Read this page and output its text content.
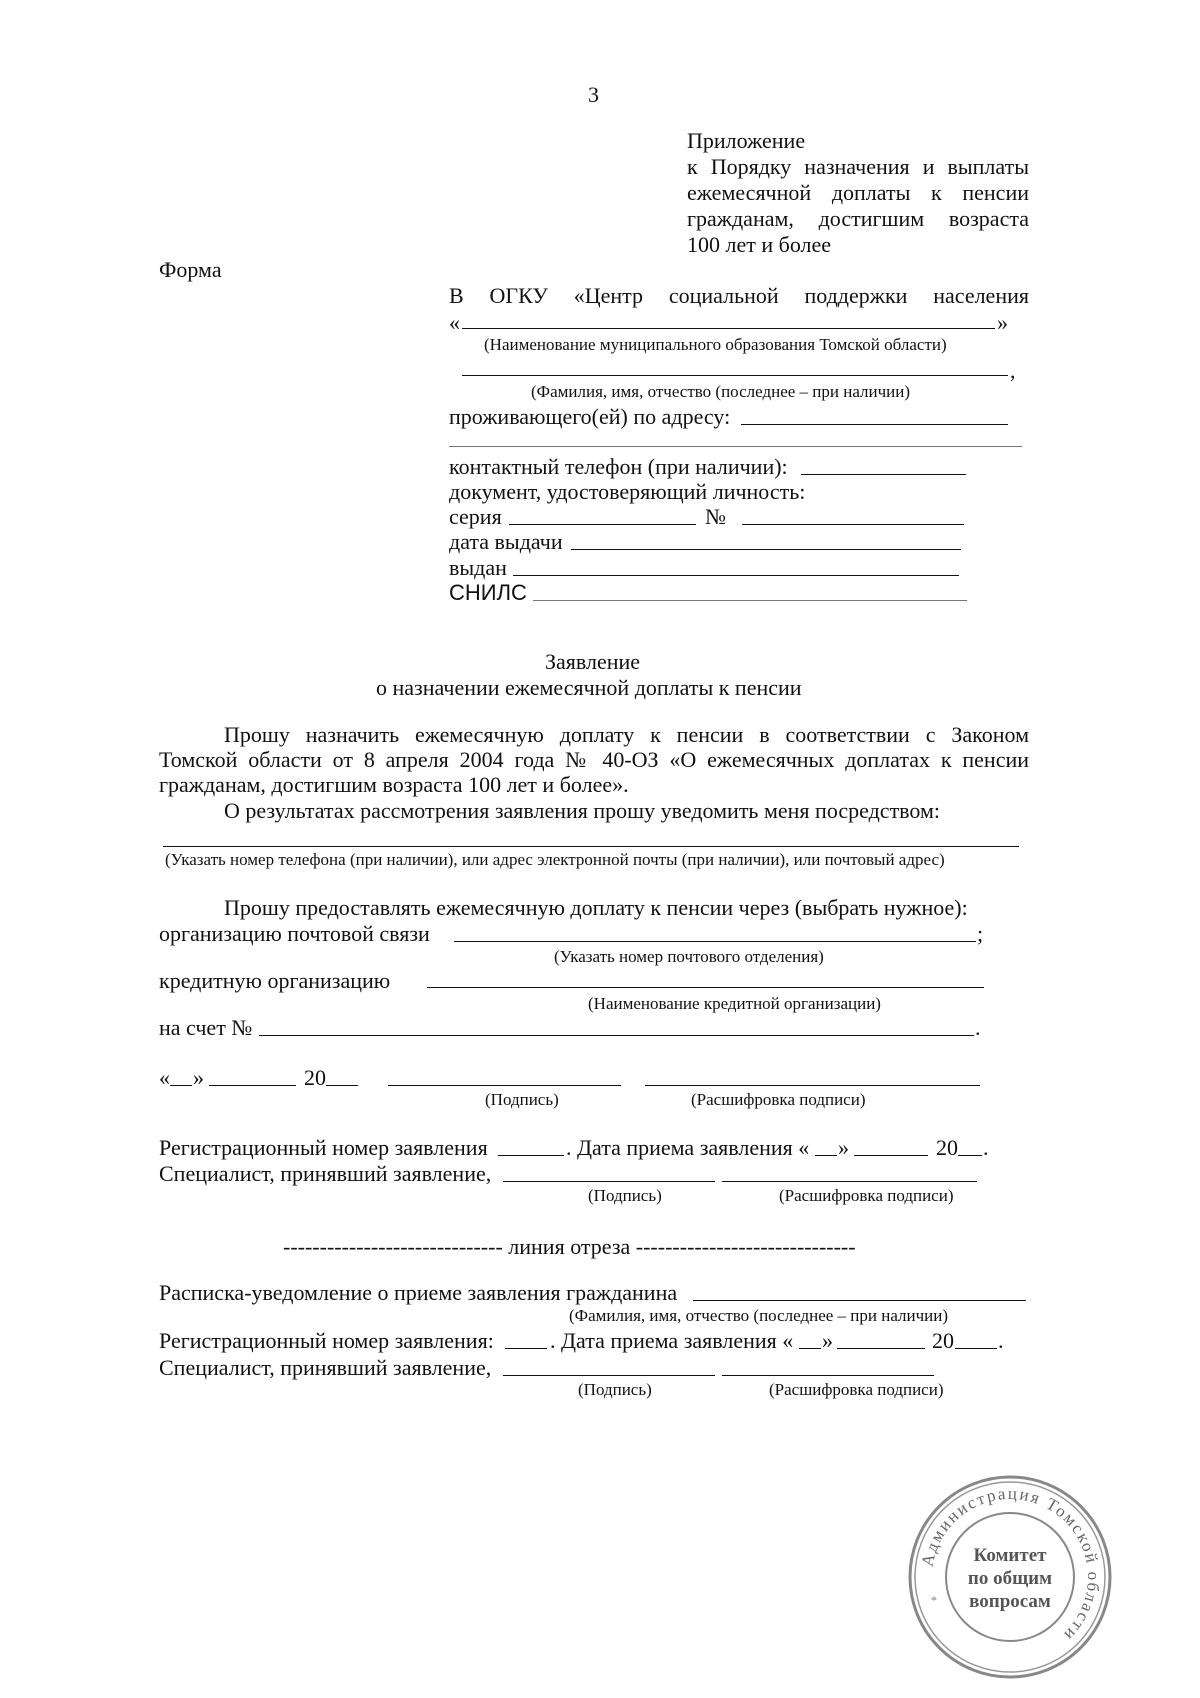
3
Приложение
к Порядку назначения и выплаты
ежемесячной доплаты к пенсии
гражданам, достигшим возраста
100 лет и более
Форма
В ОГКУ «Центр социальной поддержки населения
«	»
(Наименование муниципального образования Томской области)
,
(Фамилия, имя, отчество (последнее – при наличии)
проживающего(ей) по адресу:
контактный телефон (при наличии):
документ, удостоверяющий личность:
серия	№
дата выдачи
выдан
СНИЛС
Заявление
о назначении ежемесячной доплаты к пенсии
Прошу назначить ежемесячную доплату к пенсии в соответствии с Законом
Томской области от 8 апреля 2004 года № 40-ОЗ «О ежемесячных доплатах к пенсии
гражданам, достигшим возраста 100 лет и более».
О результатах рассмотрения заявления прошу уведомить меня посредством:
(Указать номер телефона (при наличии), или адрес электронной почты (при наличии), или почтовый адрес)
Прошу предоставлять ежемесячную доплату к пенсии через (выбрать нужное):
организацию почтовой связи	;
(Указать номер почтового отделения)
кредитную организацию
(Наименование кредитной организации)
на счет №	.
« »	20
(Подпись)	(Расшифровка подписи)
Регистрационный номер заявления	. Дата приема заявления « »	20 .
Специалист, принявший заявление,
(Подпись)	(Расшифровка подписи)
------------------------------ линия отреза ------------------------------
Расписка-уведомление о приеме заявления гражданина
(Фамилия, имя, отчество (последнее – при наличии)
Регистрационный номер заявления:	. Дата приема заявления « »	20 .
Специалист, принявший заявление,
(Подпись)	(Расшифровка подписи)
Администрация Томской области
*
Комитет
по общим
вопросам
